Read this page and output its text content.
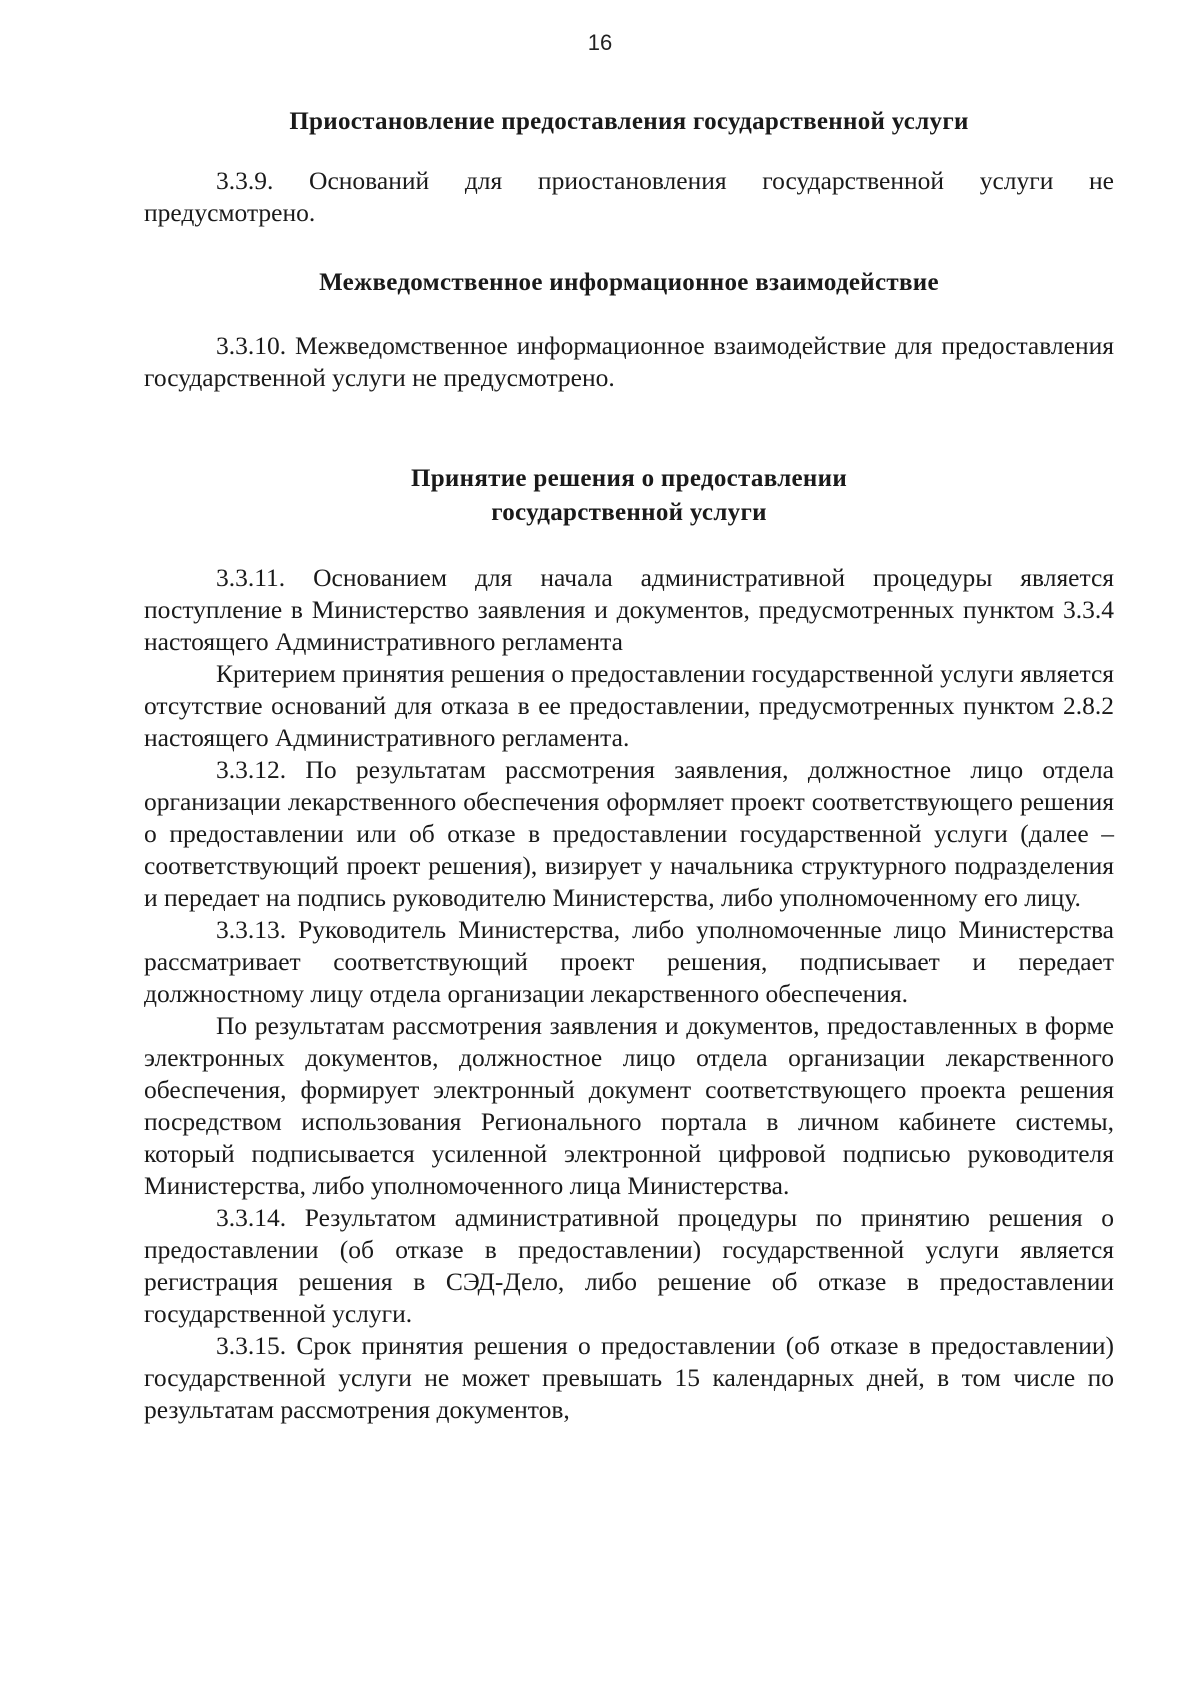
16
Приостановление предоставления государственной услуги

3.3.9. Оснований для приостановления государственной услуги не предусмотрено.

Межведомственное информационное взаимодействие

3.3.10. Межведомственное информационное взаимодействие для предоставления государственной услуги не предусмотрено.

Принятие решения о предоставлении
государственной услуги

3.3.11. Основанием для начала административной процедуры является поступление в Министерство заявления и документов, предусмотренных пунктом 3.3.4 настоящего Административного регламента

Критерием принятия решения о предоставлении государственной услуги является отсутствие оснований для отказа в ее предоставлении, предусмотренных пунктом 2.8.2 настоящего Административного регламента.

3.3.12. По результатам рассмотрения заявления, должностное лицо отдела организации лекарственного обеспечения оформляет проект соответствующего решения о предоставлении или об отказе в предоставлении государственной услуги (далее – соответствующий проект решения), визирует у начальника структурного подразделения и передает на подпись руководителю Министерства, либо уполномоченному его лицу.

3.3.13. Руководитель Министерства, либо уполномоченные лицо Министерства рассматривает соответствующий проект решения, подписывает и передает должностному лицу отдела организации лекарственного обеспечения.

По результатам рассмотрения заявления и документов, предоставленных в форме электронных документов, должностное лицо отдела организации лекарственного обеспечения, формирует электронный документ соответствующего проекта решения посредством использования Регионального портала в личном кабинете системы, который подписывается усиленной электронной цифровой подписью руководителя Министерства, либо уполномоченного лица Министерства.

3.3.14. Результатом административной процедуры по принятию решения о предоставлении (об отказе в предоставлении) государственной услуги является регистрация решения в СЭД-Дело, либо решение об отказе в предоставлении государственной услуги.

3.3.15. Срок принятия решения о предоставлении (об отказе в предоставлении) государственной услуги не может превышать 15 календарных дней, в том числе по результатам рассмотрения документов,
